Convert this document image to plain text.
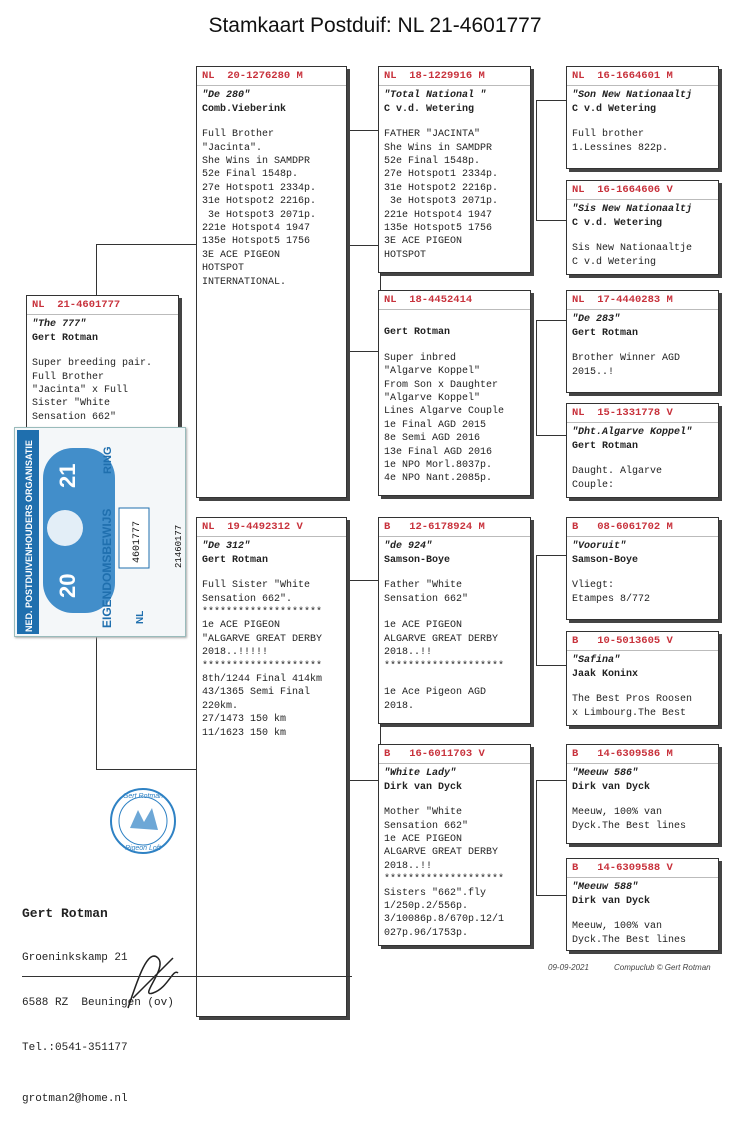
Stamkaart Postduif: NL 21-4601777
NL  21-4601777
"The 777"
Gert Rotman
Super breeding pair.
Full Brother
"Jacinta" x Full
Sister "White
Sensation 662"
NL  20-1276280 M
"De 280"
Comb.Vieberink
Full Brother
"Jacinta".
She Wins in SAMDPR
52e Final 1548p.
27e Hotspot1 2334p.
31e Hotspot2 2216p.
3e Hotspot3 2071p.
221e Hotspot4 1947
135e Hotspot5 1756
3E ACE PIGEON
HOTSPOT
INTERNATIONAL.
NL  19-4492312 V
"De 312"
Gert Rotman
Full Sister "White
Sensation 662".
********************
1e ACE PIGEON
"ALGARVE GREAT DERBY
2018..!!!!!
********************
8th/1244 Final 414km
43/1365 Semi Final
220km.
27/1473 150 km
11/1623 150 km
NL  18-1229916 M
"Total National "
C v.d. Wetering
FATHER "JACINTA"
She Wins in SAMDPR
52e Final 1548p.
27e Hotspot1 2334p.
31e Hotspot2 2216p.
3e Hotspot3 2071p.
221e Hotspot4 1947
135e Hotspot5 1756
3E ACE PIGEON
HOTSPOT
NL  18-4452414
Gert Rotman
Super inbred
"Algarve Koppel"
From Son x Daughter
"Algarve Koppel"
Lines Algarve Couple
1e Final AGD 2015
8e Semi AGD 2016
13e Final AGD 2016
1e NPO Morl.8037p.
4e NPO Nant.2085p.
B   12-6178924 M
"de 924"
Samson-Boye
Father "White
Sensation 662"

1e ACE PIGEON
ALGARVE GREAT DERBY
2018..!!
********************

1e Ace Pigeon AGD
2018.
B   16-6011703 V
"White Lady"
Dirk van Dyck
Mother "White
Sensation 662"
1e ACE PIGEON
ALGARVE GREAT DERBY
2018..!!
********************
Sisters "662".fly
1/250p.2/556p.
3/10086p.8/670p.12/1
027p.96/1753p.
NL  16-1664601 M
"Son New Nationaaltj
C v.d Wetering
Full brother
1.Lessines 822p.
NL  16-1664606 V
"Sis New Nationaaltj
C v.d. Wetering
Sis New Nationaaltje
C v.d Wetering
NL  17-4440283 M
"De 283"
Gert Rotman
Brother Winner AGD
2015..!
NL  15-1331778 V
"Dht.Algarve Koppel"
Gert Rotman
Daught. Algarve
Couple:
B   08-6061702 M
"Vooruit"
Samson-Boye
Vliegt:
Etampes 8/772
B   10-5013605 V
"Safina"
Jaak Koninx
The Best Pros Roosen
x Limbourg.The Best
B   14-6309586 M
"Meeuw 586"
Dirk van Dyck
Meeuw, 100% van
Dyck.The Best lines
B   14-6309588 V
"Meeuw 588"
Dirk van Dyck
Meeuw, 100% van
Dyck.The Best lines
NED. POSTDUIVENHOUDERS ORGANISATIE 21
20 EIGENDOMSBEWIJS
RING
4601777
NL
21460177
Gert Rotman
Pigeon Loft

Gert Rotman

Groeninkskamp 21

6588 RZ  Beuningen (ov)

Tel.:0541-351177

grotman2@home.nl

09-09-2021	Compuclub © Gert Rotman
